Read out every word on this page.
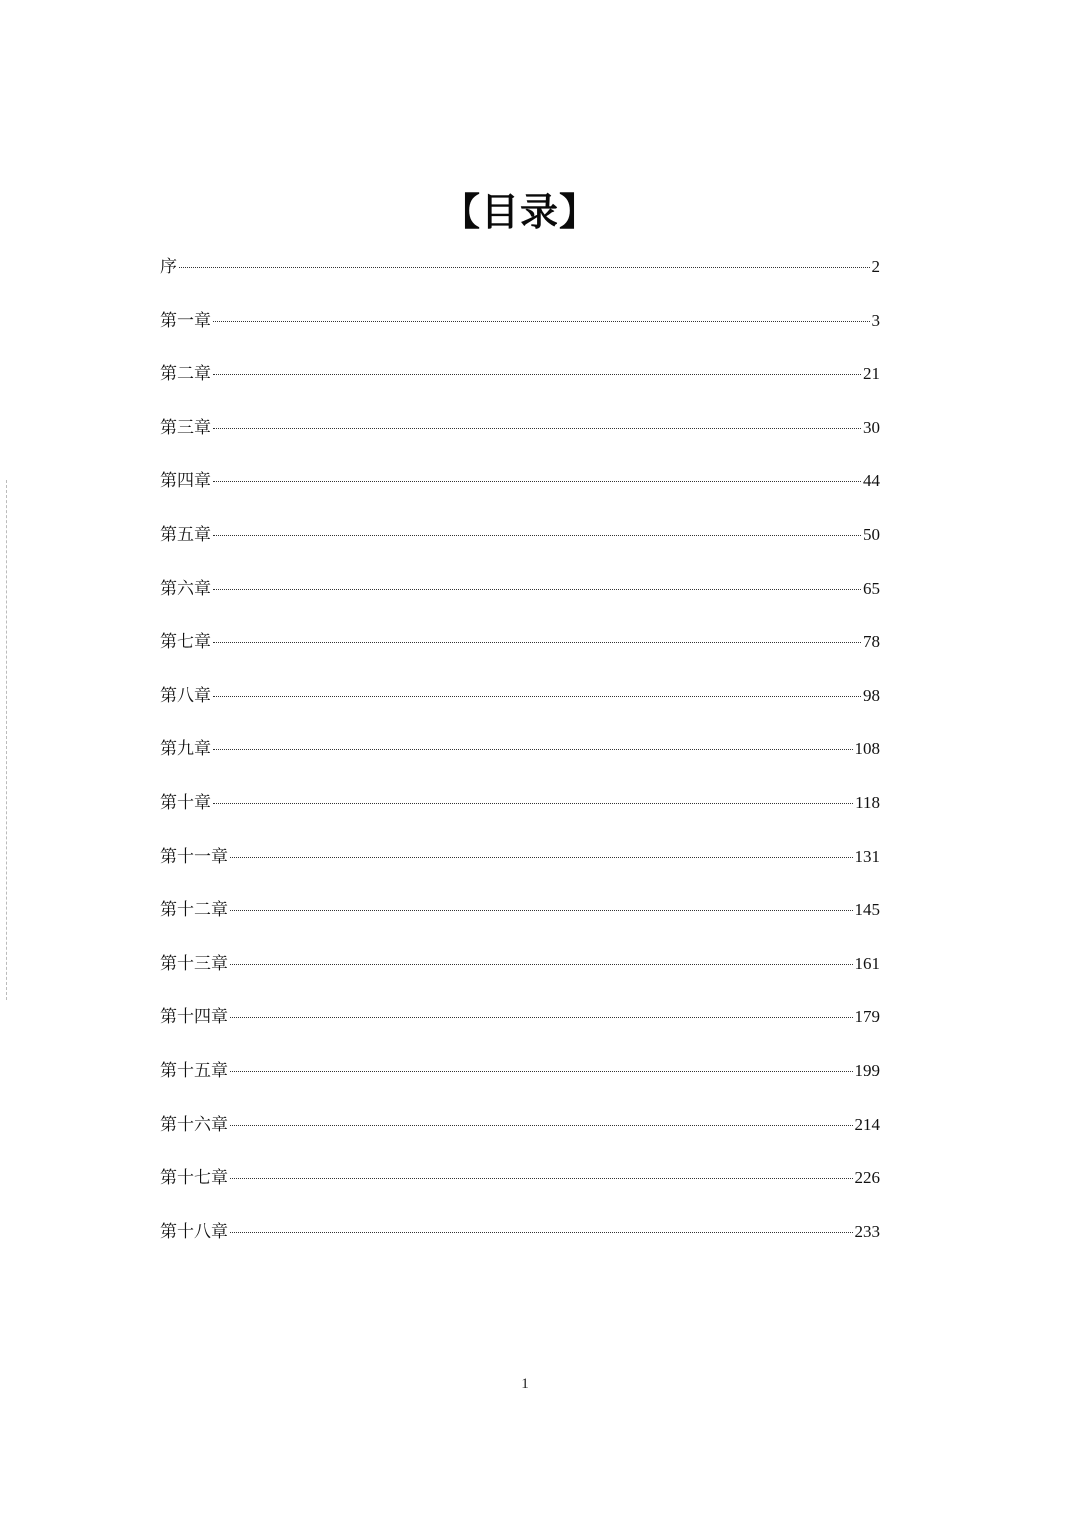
【目录】
序	2
第一章	3
第二章	21
第三章	30
第四章	44
第五章	50
第六章	65
第七章	78
第八章	98
第九章	108
第十章	118
第十一章	131
第十二章	145
第十三章	161
第十四章	179
第十五章	199
第十六章	214
第十七章	226
第十八章	233
1
